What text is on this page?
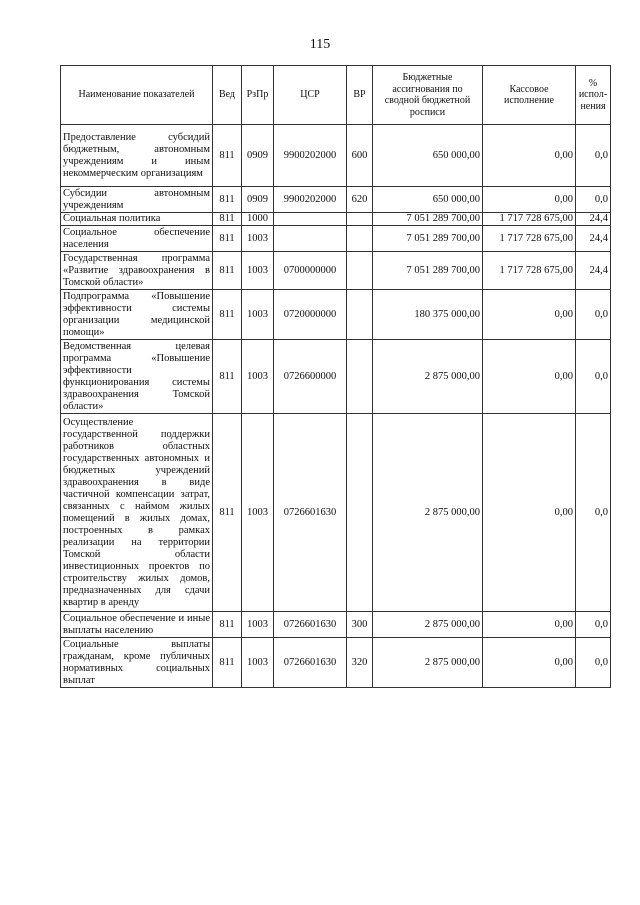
115
Наименование показателей	Вед	РзПр	ЦСР	ВР	Бюджетные ассигнования по сводной бюджетной росписи	Кассовое исполнение	% испол-нения
Предоставление субсидий бюджетным, автономным учреждениям и иным некоммерческим организациям	811	0909	9900202000	600	650 000,00	0,00	0,0
Субсидии автономным учреждениям	811	0909	9900202000	620	650 000,00	0,00	0,0
Социальная политика	811	1000			7 051 289 700,00	1 717 728 675,00	24,4
Социальное обеспечение населения	811	1003			7 051 289 700,00	1 717 728 675,00	24,4
Государственная программа «Развитие здравоохранения в Томской области»	811	1003	0700000000		7 051 289 700,00	1 717 728 675,00	24,4
Подпрограмма «Повышение эффективности системы организации медицинской помощи»	811	1003	0720000000		180 375 000,00	0,00	0,0
Ведомственная целевая программа «Повышение эффективности функционирования системы здравоохранения Томской области»	811	1003	0726600000		2 875 000,00	0,00	0,0
Осуществление государственной поддержки работников областных государственных автономных и бюджетных учреждений здравоохранения в виде частичной компенсации затрат, связанных с наймом жилых помещений в жилых домах, построенных в рамках реализации на территории Томской области инвестиционных проектов по строительству жилых домов, предназначенных для сдачи квартир в аренду	811	1003	0726601630		2 875 000,00	0,00	0,0
Социальное обеспечение и иные выплаты населению	811	1003	0726601630	300	2 875 000,00	0,00	0,0
Социальные выплаты гражданам, кроме публичных нормативных социальных выплат	811	1003	0726601630	320	2 875 000,00	0,00	0,0
